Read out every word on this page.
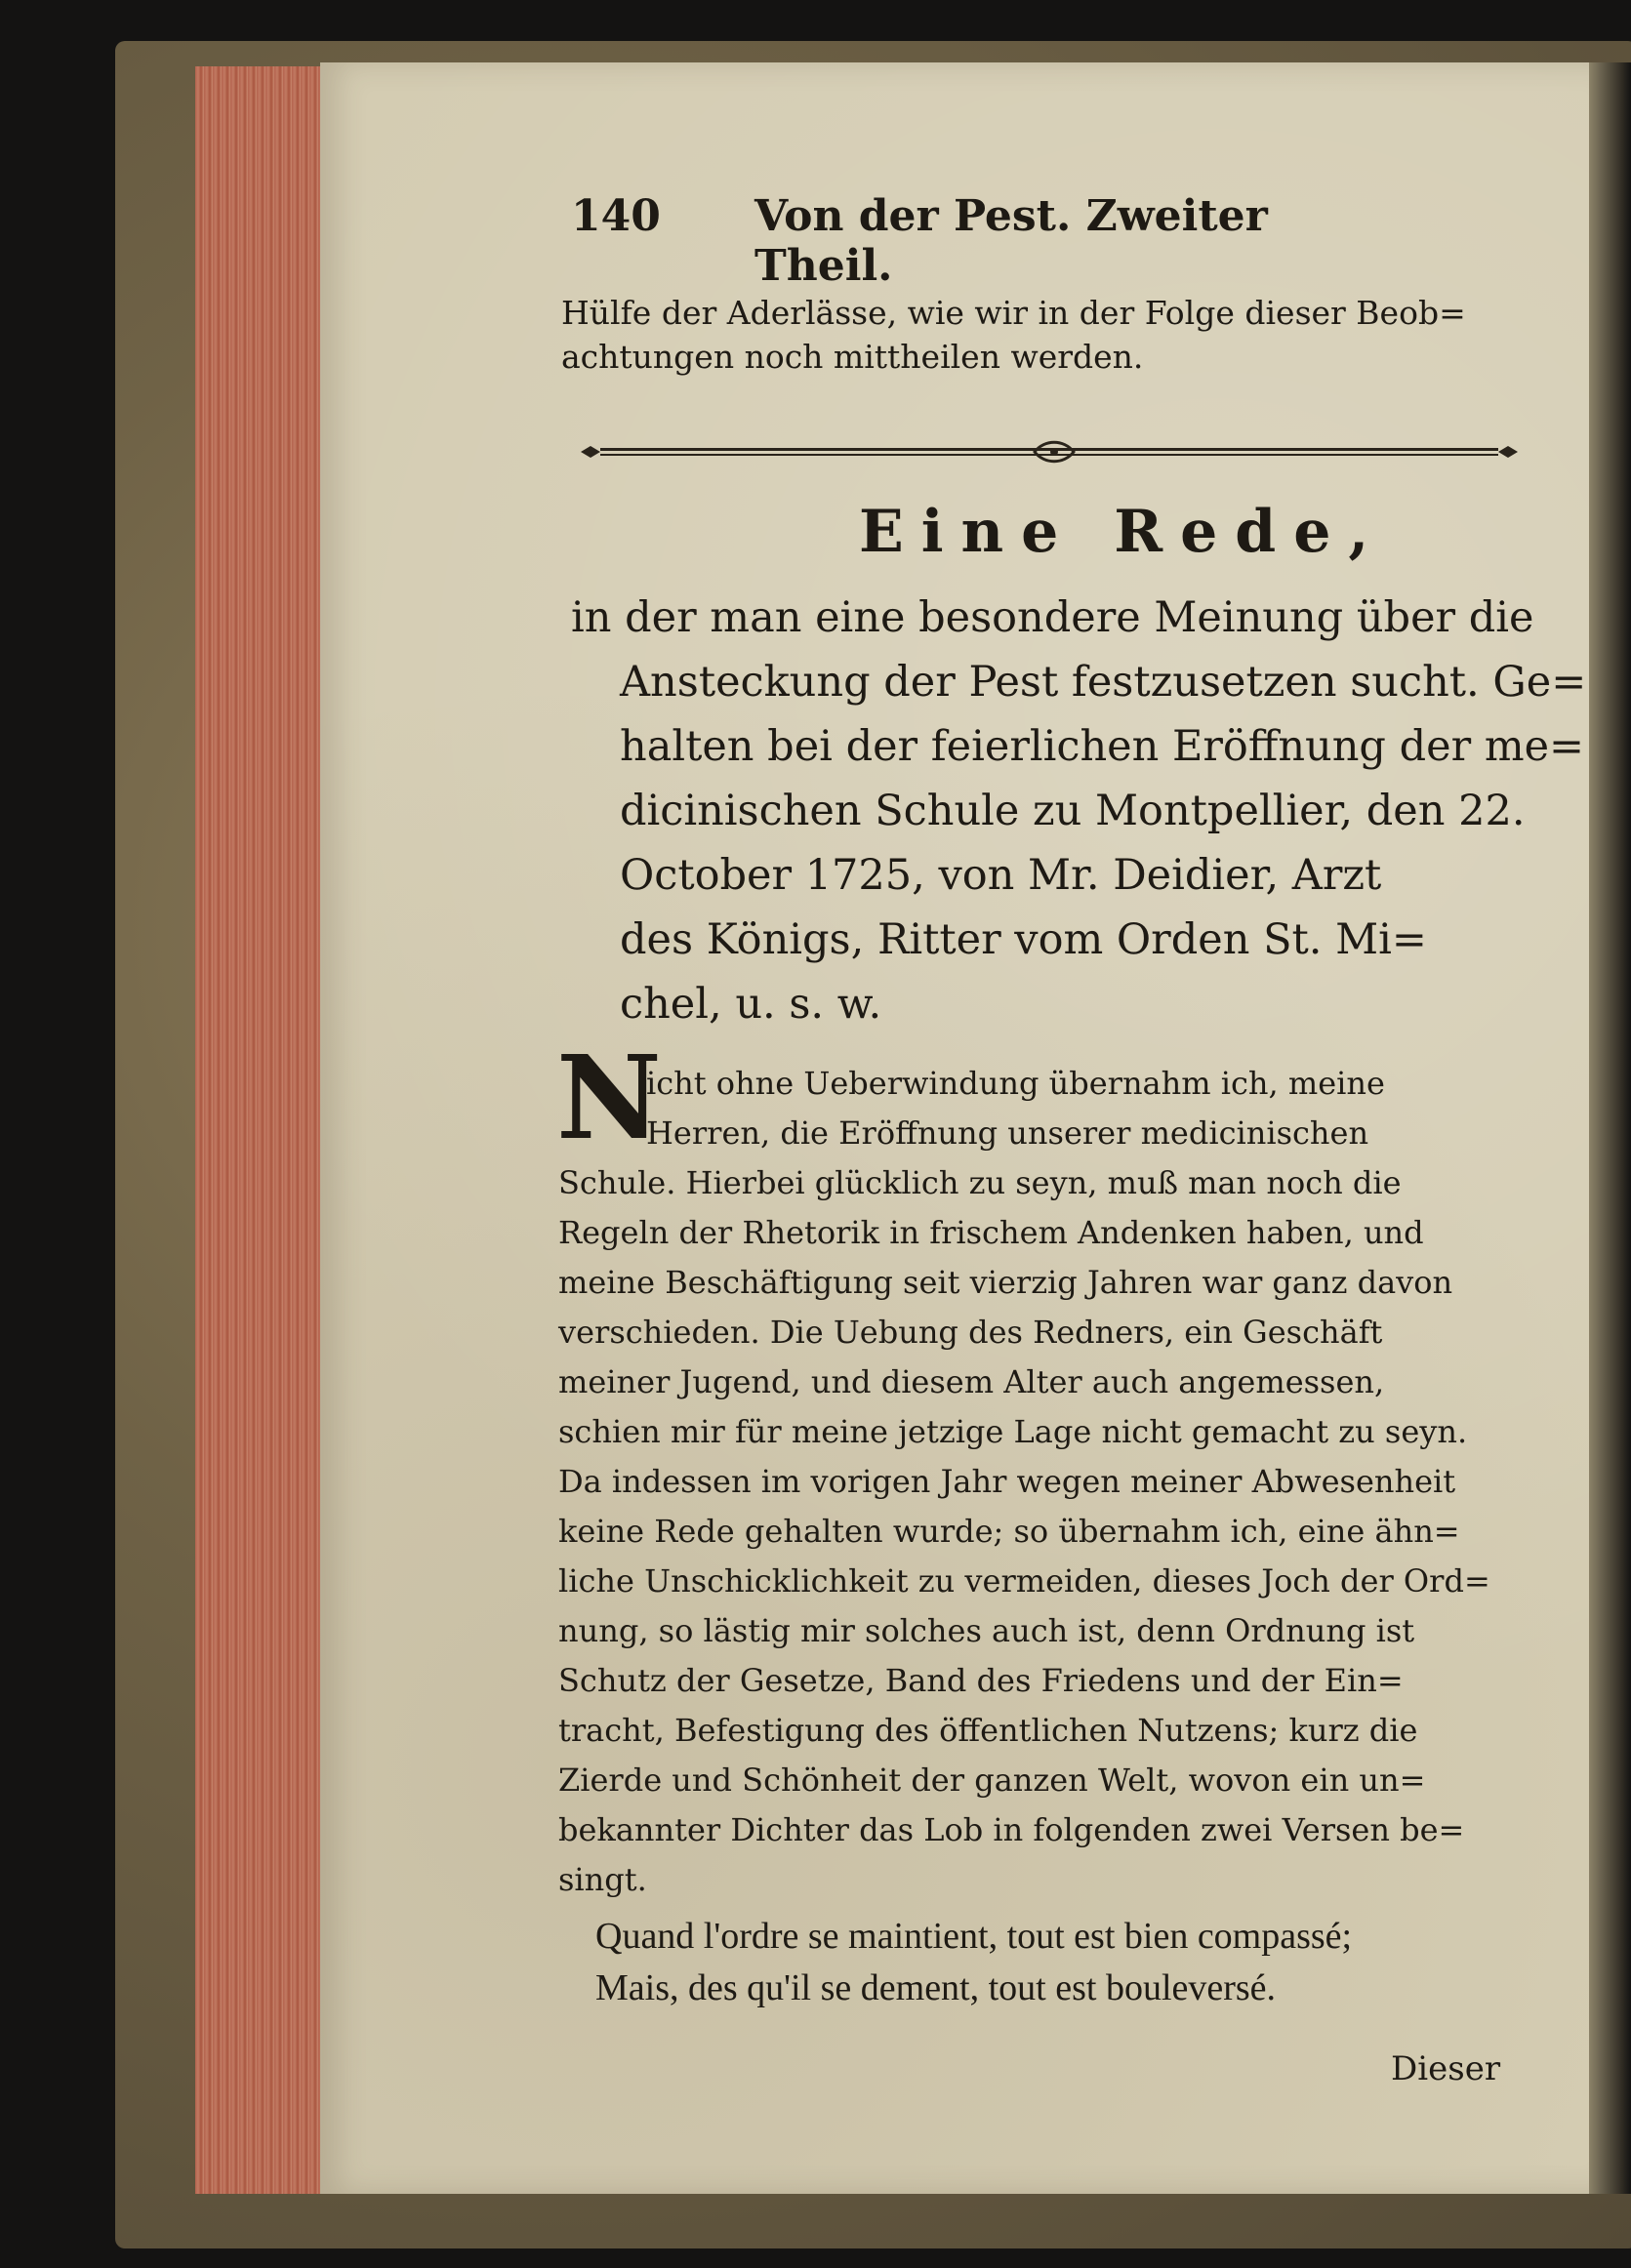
140 Von der Pest. Zweiter Theil.
Hülfe der Aderlässe, wie wir in der Folge dieser Beob=
achtungen noch mittheilen werden.
Eine Rede,
in der man eine besondere Meinung über die
Ansteckung der Pest festzusetzen sucht. Ge=
halten bei der feierlichen Eröffnung der me=
dicinischen Schule zu Montpellier, den 22.
October 1725, von Mr. Deidier, Arzt
des Königs, Ritter vom Orden St. Mi=
chel, u. s. w.
N
icht ohne Ueberwindung übernahm ich, meine
Herren, die Eröffnung unserer medicinischen
Schule. Hierbei glücklich zu seyn, muß man noch die
Regeln der Rhetorik in frischem Andenken haben, und
meine Beschäftigung seit vierzig Jahren war ganz davon
verschieden. Die Uebung des Redners, ein Geschäft
meiner Jugend, und diesem Alter auch angemessen,
schien mir für meine jetzige Lage nicht gemacht zu seyn.
Da indessen im vorigen Jahr wegen meiner Abwesenheit
keine Rede gehalten wurde; so übernahm ich, eine ähn=
liche Unschicklichkeit zu vermeiden, dieses Joch der Ord=
nung, so lästig mir solches auch ist, denn Ordnung ist
Schutz der Gesetze, Band des Friedens und der Ein=
tracht, Befestigung des öffentlichen Nutzens; kurz die
Zierde und Schönheit der ganzen Welt, wovon ein un=
bekannter Dichter das Lob in folgenden zwei Versen be=
singt.
Quand l'ordre se maintient, tout est bien compassé;
Mais, des qu'il se dement, tout est bouleversé.
Dieser
